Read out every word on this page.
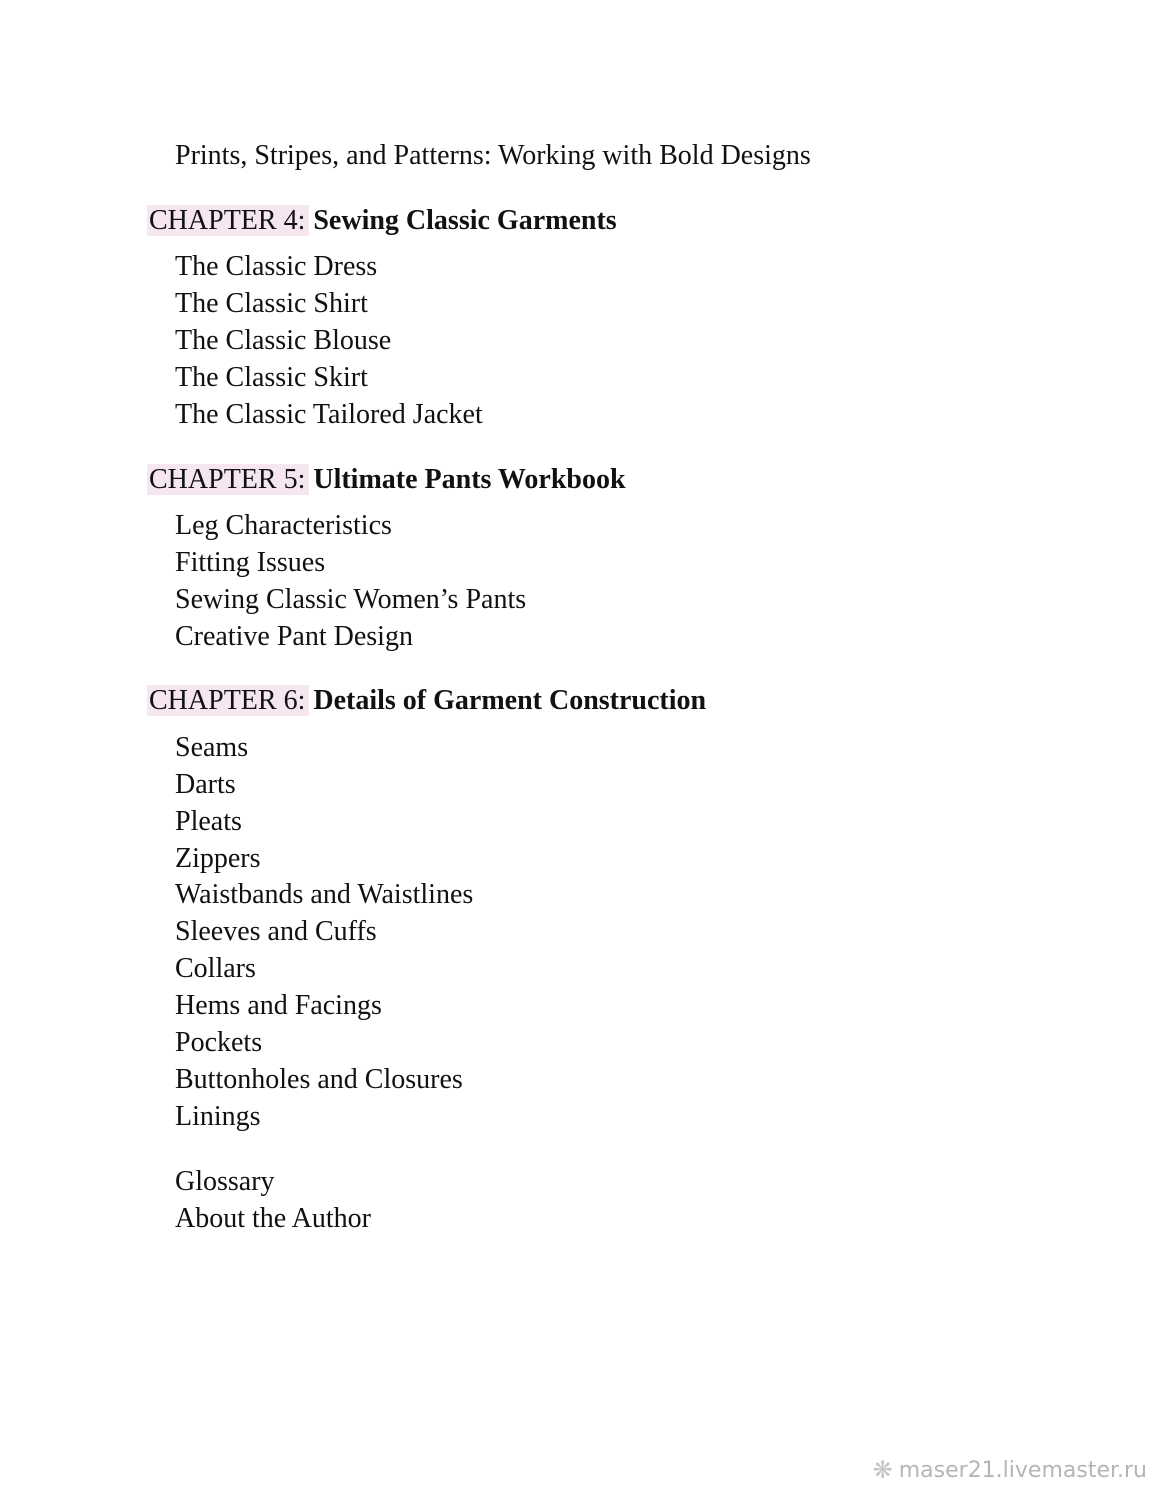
Prints, Stripes, and Patterns: Working with Bold Designs
CHAPTER 4: Sewing Classic Garments
The Classic Dress
The Classic Shirt
The Classic Blouse
The Classic Skirt
The Classic Tailored Jacket
CHAPTER 5: Ultimate Pants Workbook
Leg Characteristics
Fitting Issues
Sewing Classic Women’s Pants
Creative Pant Design
CHAPTER 6: Details of Garment Construction
Seams
Darts
Pleats
Zippers
Waistbands and Waistlines
Sleeves and Cuffs
Collars
Hems and Facings
Pockets
Buttonholes and Closures
Linings
Glossary
About the Author
❋ maser21.livemaster.ru
